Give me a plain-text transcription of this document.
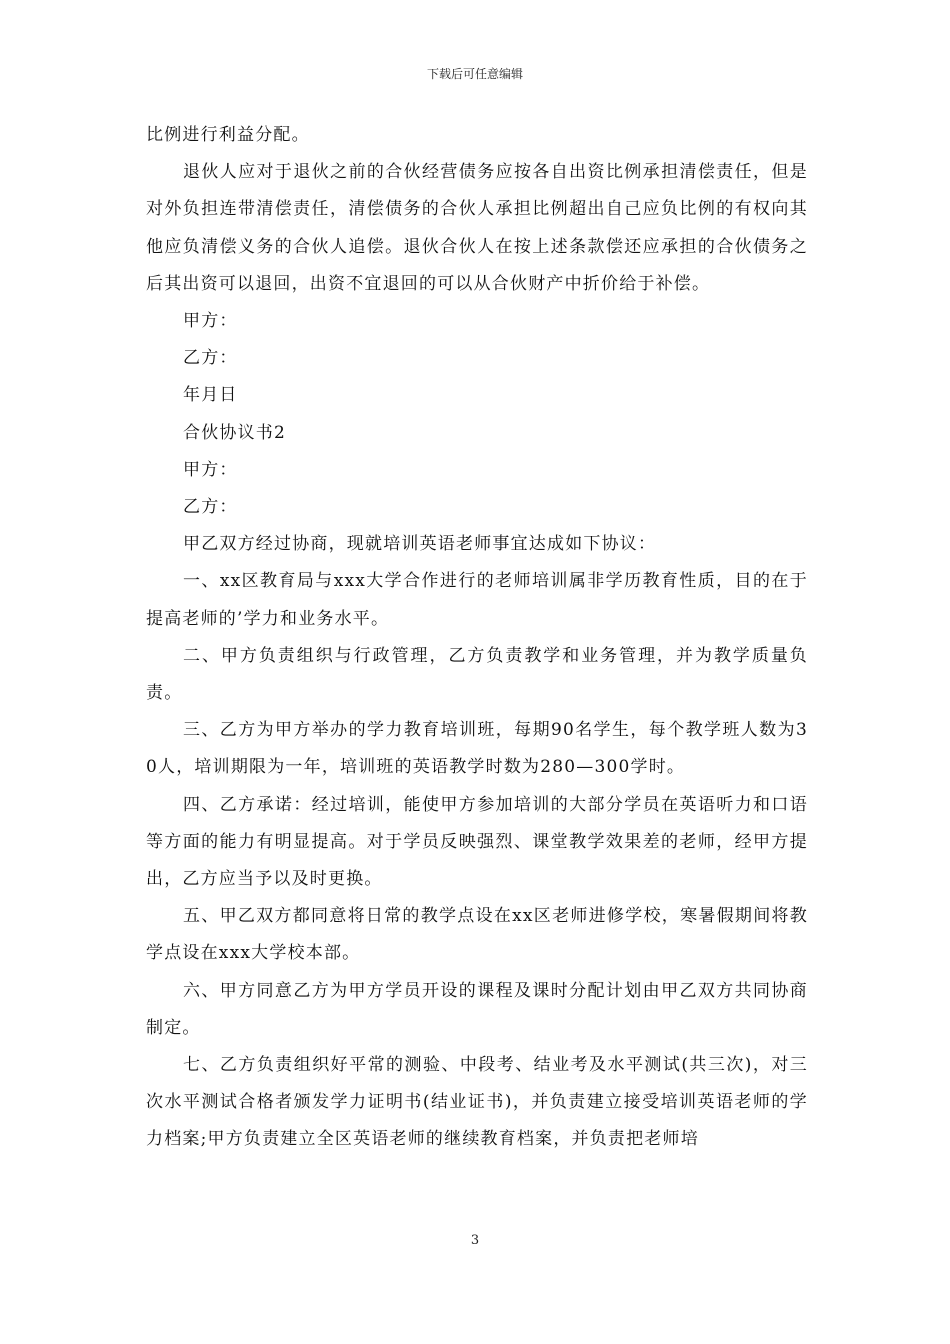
下载后可任意编辑

比例进行利益分配。

退伙人应对于退伙之前的合伙经营债务应按各自出资比例承担清偿责任，但是对外负担连带清偿责任，清偿债务的合伙人承担比例超出自己应负比例的有权向其他应负清偿义务的合伙人追偿。退伙合伙人在按上述条款偿还应承担的合伙债务之后其出资可以退回，出资不宜退回的可以从合伙财产中折价给于补偿。

甲方：

乙方：

年月日

合伙协议书2

甲方：

乙方：

甲乙双方经过协商，现就培训英语老师事宜达成如下协议：

一、xx区教育局与xxx大学合作进行的老师培训属非学历教育性质，目的在于提高老师的’学力和业务水平。

二、甲方负责组织与行政管理，乙方负责教学和业务管理，并为教学质量负责。

三、乙方为甲方举办的学力教育培训班，每期90名学生，每个教学班人数为30人，培训期限为一年，培训班的英语教学时数为280—300学时。

四、乙方承诺：经过培训，能使甲方参加培训的大部分学员在英语听力和口语等方面的能力有明显提高。对于学员反映强烈、课堂教学效果差的老师，经甲方提出，乙方应当予以及时更换。

五、甲乙双方都同意将日常的教学点设在xx区老师进修学校，寒暑假期间将教学点设在xxx大学校本部。

六、甲方同意乙方为甲方学员开设的课程及课时分配计划由甲乙双方共同协商制定。

七、乙方负责组织好平常的测验、中段考、结业考及水平测试(共三次)，对三次水平测试合格者颁发学力证明书(结业证书)，并负责建立接受培训英语老师的学力档案;甲方负责建立全区英语老师的继续教育档案，并负责把老师培

3
